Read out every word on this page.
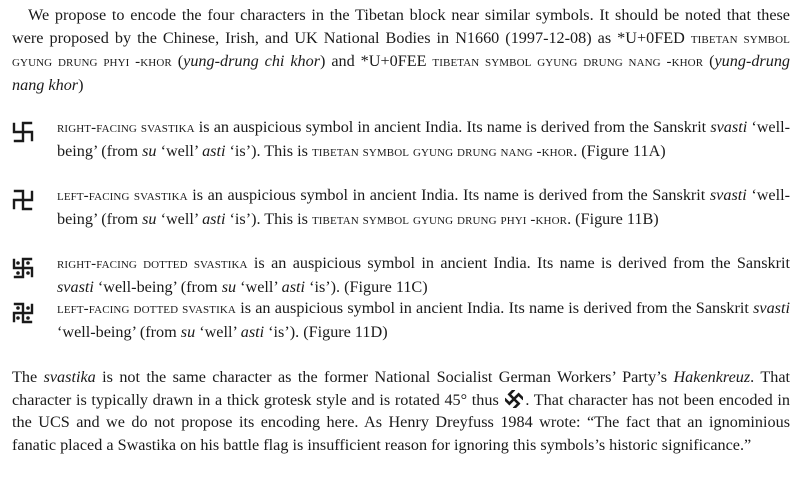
We propose to encode the four characters in the Tibetan block near similar symbols. It should be noted that these were proposed by the Chinese, Irish, and UK National Bodies in N1660 (1997-12-08) as *U+0FED tibetan symbol gyung drung phyi -khor (yung-drung chi khor) and *U+0FEE tibetan symbol gyung drung nang -khor (yung-drung nang khor)

right-facing svastika is an auspicious symbol in ancient India. Its name is derived from the Sanskrit svasti ‘well-being’ (from su ‘well’ asti ‘is’). This is tibetan symbol gyung drung nang -khor. (Figure 11A)
left-facing svastika is an auspicious symbol in ancient India. Its name is derived from the Sanskrit svasti ‘well-being’ (from su ‘well’ asti ‘is’). This is tibetan symbol gyung drung phyi -khor. (Figure 11B)
right-facing dotted svastika is an auspicious symbol in ancient India. Its name is derived from the Sanskrit svasti ‘well-being’ (from su ‘well’ asti ‘is’). (Figure 11C)
left-facing dotted svastika is an auspicious symbol in ancient India. Its name is derived from the Sanskrit svasti ‘well-being’ (from su ‘well’ asti ‘is’). (Figure 11D)

The svastika is not the same character as the former National Socialist German Workers’ Party’s Hakenkreuz. That character is typically drawn in a thick grotesk style and is rotated 45° thus . That character has not been encoded in the UCS and we do not propose its encoding here. As Henry Dreyfuss 1984 wrote: “The fact that an ignominious fanatic placed a Swastika on his battle flag is insufficient reason for ignoring this symbols’s historic significance.”
